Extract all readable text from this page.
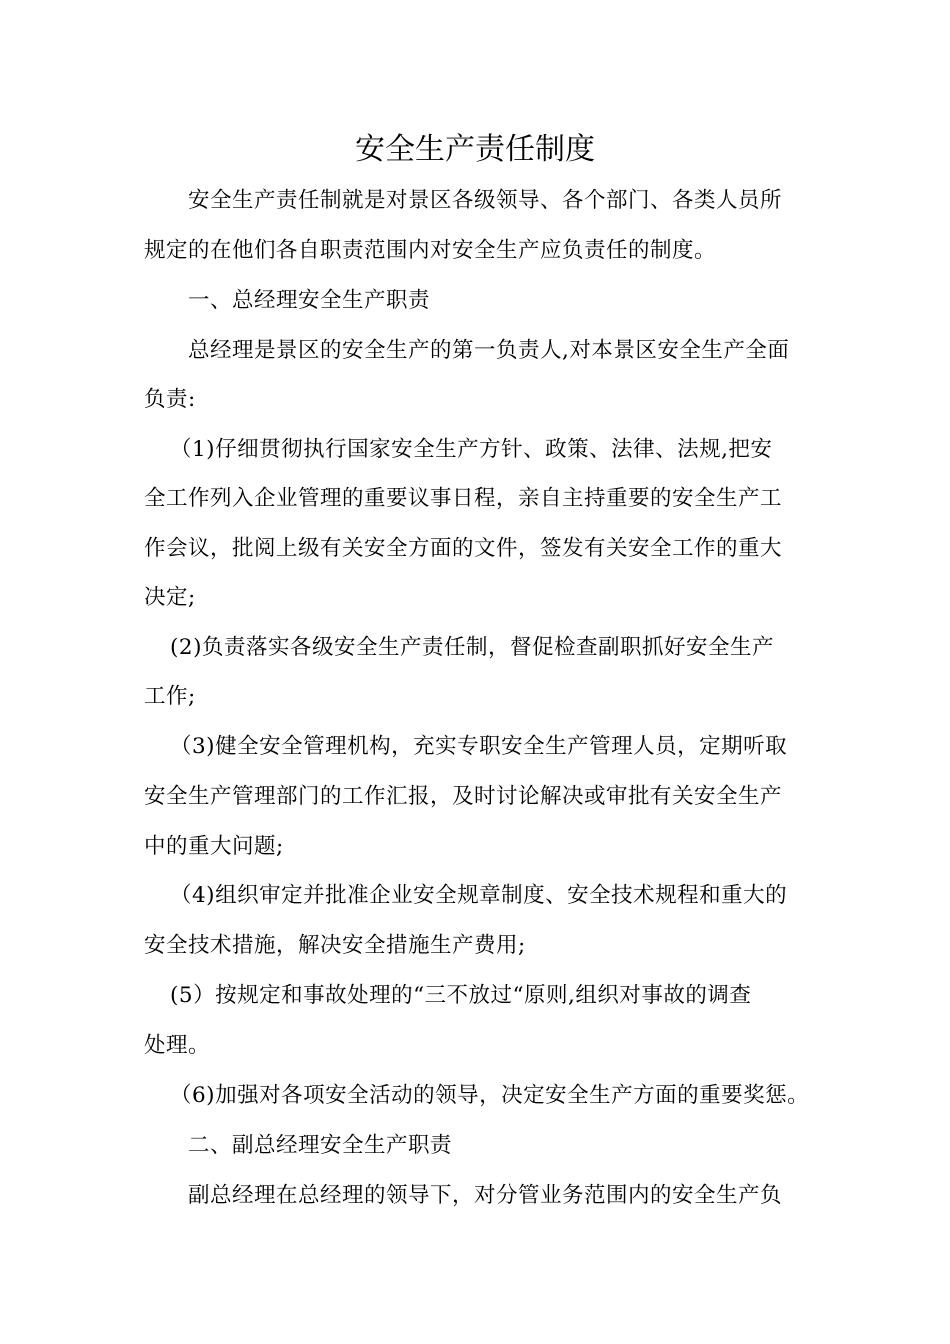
安全生产责任制度
安全生产责任制就是对景区各级领导、各个部门、各类人员所
规定的在他们各自职责范围内对安全生产应负责任的制度。
一、总经理安全生产职责
总经理是景区的安全生产的第一负责人,对本景区安全生产全面
负责:
（1)仔细贯彻执行国家安全生产方针、政策、法律、法规,把安
全工作列入企业管理的重要议事日程，亲自主持重要的安全生产工
作会议，批阅上级有关安全方面的文件，签发有关安全工作的重大
决定;
(2)负责落实各级安全生产责任制，督促检查副职抓好安全生产
工作;
（3)健全安全管理机构，充实专职安全生产管理人员，定期听取
安全生产管理部门的工作汇报，及时讨论解决或审批有关安全生产
中的重大问题;
（4)组织审定并批准企业安全规章制度、安全技术规程和重大的
安全技术措施，解决安全措施生产费用;
(5）按规定和事故处理的“三不放过“原则,组织对事故的调查
处理。
（6)加强对各项安全活动的领导，决定安全生产方面的重要奖惩。
二、副总经理安全生产职责
副总经理在总经理的领导下，对分管业务范围内的安全生产负
